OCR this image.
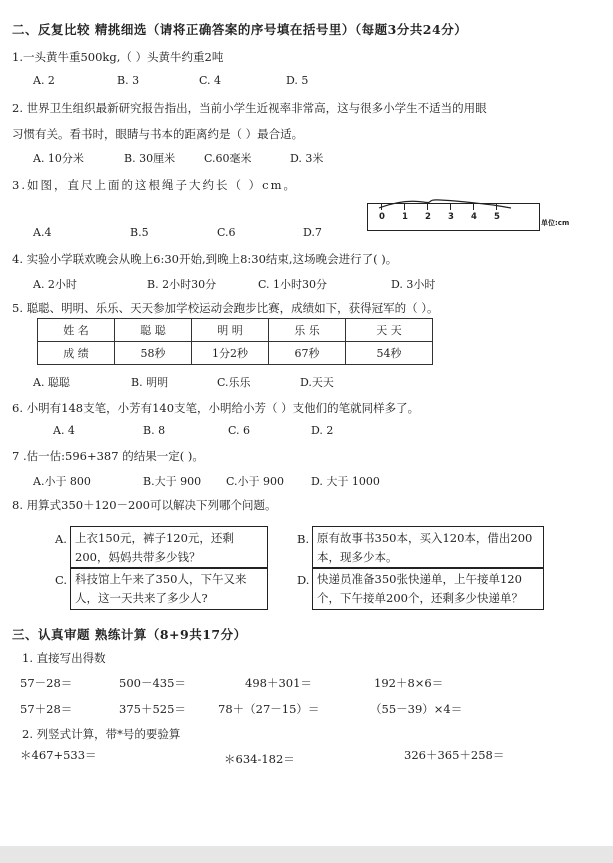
二、反复比较 精挑细选（请将正确答案的序号填在括号里）（每题3分共24分）
1.一头黄牛重500kg,（ ）头黄牛约重2吨
A. 2	B. 3	C. 4	D. 5
2. 世界卫生组织最新研究报告指出，当前小学生近视率非常高，这与很多小学生不适当的用眼
习惯有关。看书时，眼睛与书本的距离约是（ ）最合适。
A. 10分米	B. 30厘米	C.60毫米	D. 3米
3.如图，直尺上面的这根绳子大约长（ ）cm。
A.4	B.5	C.6	D.7
0 1 2 3 4 5
单位:cm
4. 实验小学联欢晚会从晚上6:30开始,到晚上8:30结束,这场晚会进行了( )。
A. 2小时	B. 2小时30分	C. 1小时30分	D. 3小时
5. 聪聪、明明、乐乐、天天参加学校运动会跑步比赛，成绩如下，获得冠军的（ ）。
姓 名	聪 聪	明 明	乐 乐	天 天
成 绩	58秒	1分2秒	67秒	54秒
A. 聪聪	B. 明明	C.乐乐	D.天天
6. 小明有148支笔，小芳有140支笔，小明给小芳（ ）支他们的笔就同样多了。
A. 4	B. 8	C. 6	D. 2
7 .估一估:596+387 的结果一定( )。
A.小于 800	B.大于 900 C.小于 900 D. 大于 1000
8. 用算式350＋120－200可以解决下列哪个问题。
A. 上衣150元，裤子120元，还剩200，妈妈共带多少钱？
B. 原有故事书350本，买入120本，借出200本，现多少本。
C. 科技馆上午来了350人，下午又来人，这一天共来了多少人?
D. 快递员准备350张快递单，上午接单120个，下午接单200个，还剩多少快递单？
三、认真审题 熟练计算（8+9共17分）
1. 直接写出得数
57－28＝	500－435＝	498＋301＝	192＋8×6＝
57＋28＝	375＋525＝	78＋（27－15）＝	（55－39）×4＝
2. 列竖式计算，带*号的要验算
＊467+533＝	＊634-182＝	326＋365＋258＝
